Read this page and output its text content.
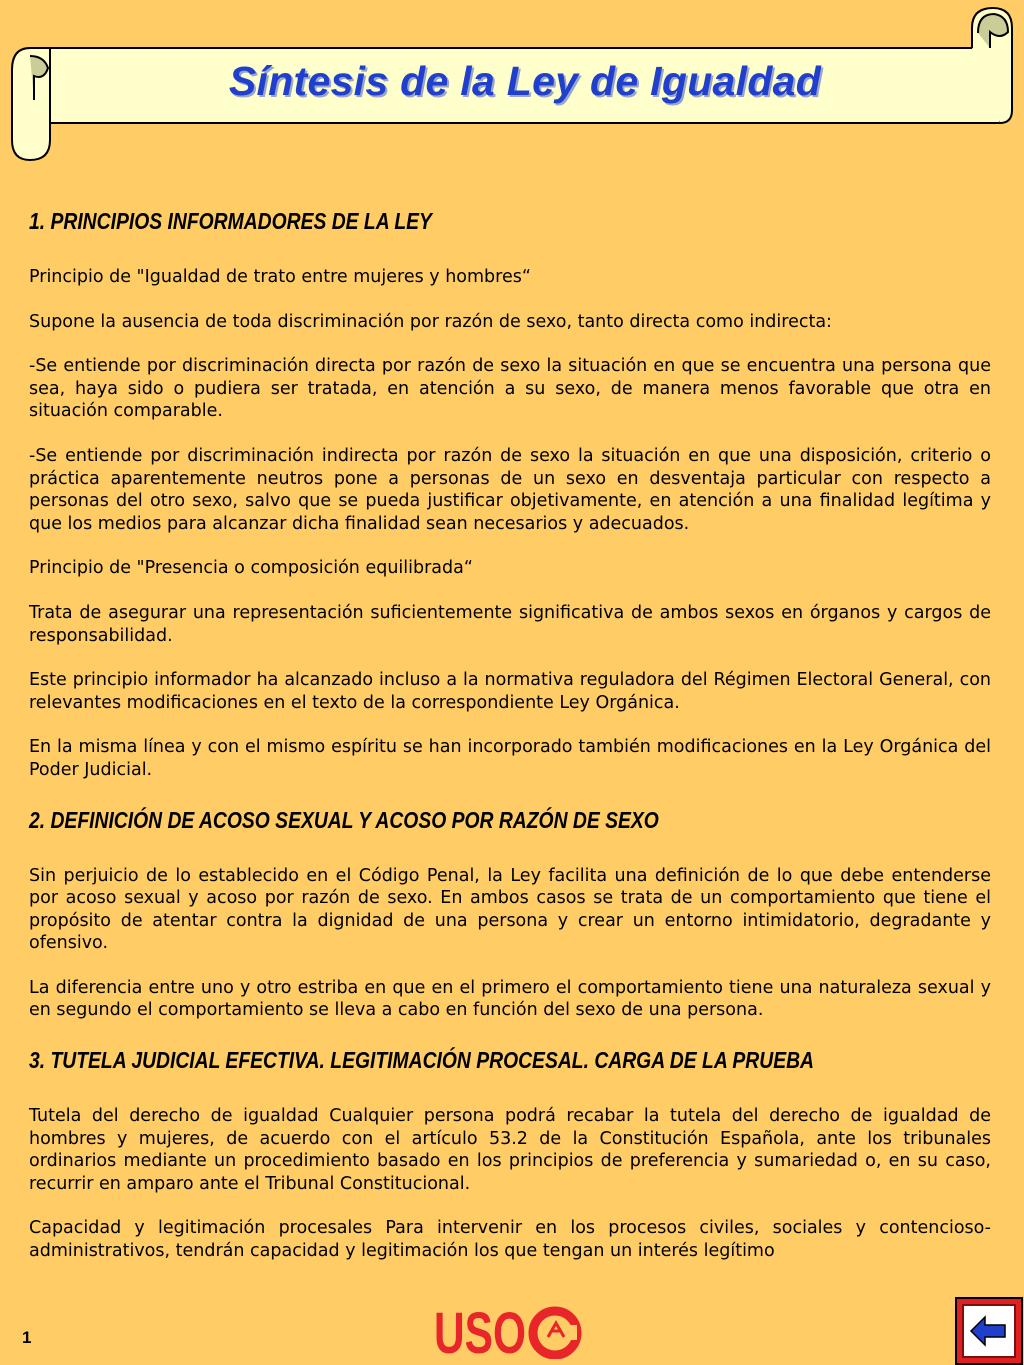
Síntesis de la Ley de Igualdad
1. PRINCIPIOS INFORMADORES DE LA LEY

Principio de "Igualdad de trato entre mujeres y hombres“

Supone la ausencia de toda discriminación por razón de sexo, tanto directa como indirecta:

-Se entiende por discriminación directa por razón de sexo la situación en que se encuentra una persona que sea, haya sido o pudiera ser tratada, en atención a su sexo, de manera menos favorable que otra en situación comparable.

-Se entiende por discriminación indirecta por razón de sexo la situación en que una disposición, criterio o práctica aparentemente neutros pone a personas de un sexo en desventaja particular con respecto a personas del otro sexo, salvo que se pueda justificar objetivamente, en atención a una finalidad legítima y que los medios para alcanzar dicha finalidad sean necesarios y adecuados.

Principio de "Presencia o composición equilibrada“

Trata de asegurar una representación suficientemente significativa de ambos sexos en órganos y cargos de responsabilidad.

Este principio informador ha alcanzado incluso a la normativa reguladora del Régimen Electoral General, con relevantes modificaciones en el texto de la correspondiente Ley Orgánica.

En la misma línea y con el mismo espíritu se han incorporado también modificaciones en la Ley Orgánica del Poder Judicial.

2. DEFINICIÓN DE ACOSO SEXUAL Y ACOSO POR RAZÓN DE SEXO

Sin perjuicio de lo establecido en el Código Penal, la Ley facilita una definición de lo que debe entenderse por acoso sexual y acoso por razón de sexo. En ambos casos se trata de un comportamiento que tiene el propósito de atentar contra la dignidad de una persona y crear un entorno intimidatorio, degradante y ofensivo.

La diferencia entre uno y otro estriba en que en el primero el comportamiento tiene una naturaleza sexual y en segundo el comportamiento se lleva a cabo en función del sexo de una persona.

3. TUTELA JUDICIAL EFECTIVA. LEGITIMACIÓN PROCESAL. CARGA DE LA PRUEBA

Tutela del derecho de igualdad Cualquier persona podrá recabar la tutela del derecho de igualdad de hombres y mujeres, de acuerdo con el artículo 53.2 de la Constitución Española, ante los tribunales ordinarios mediante un procedimiento basado en los principios de preferencia y sumariedad o, en su caso, recurrir en amparo ante el Tribunal Constitucional.

Capacidad y legitimación procesales Para intervenir en los procesos civiles, sociales y contencioso-administrativos, tendrán capacidad y legitimación los que tengan un interés legítimo

1	USO
